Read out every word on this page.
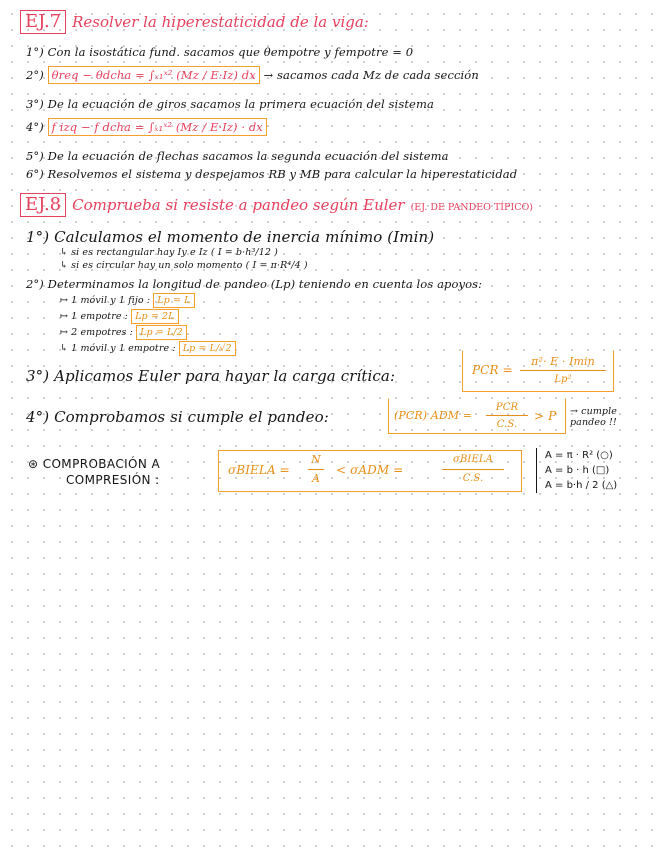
EJ.7 Resolver la hiperestaticidad de la viga:
1°) Con la isostática fund. sacamos que θempotre y fempotre = 0
2°) θreq − θdcha = ∫ₓ₁ˣ² (Mz / E·Iz) dx → sacamos cada Mz de cada sección
3°) De la ecuación de giros sacamos la primera ecuación del sistema
4°) f izq − f dcha = ∫ₓ₁ˣ² (Mz / E·Iz) · dx
5°) De la ecuación de flechas sacamos la segunda ecuación del sistema
6°) Resolvemos el sistema y despejamos RB y MB para calcular la hiperestaticidad
EJ.8 Comprueba si resiste a pandeo según Euler (EJ. DE PANDEO TÍPICO)
1°) Calculamos el momento de inercia mínimo (Imin)
↳ si es rectangular hay Iy e Iz ( I = b·h³/12 )
↳ si es circular hay un solo momento ( I = π·R⁴/4 )
2°) Determinamos la longitud de pandeo (Lp) teniendo en cuenta los apoyos:
↦ 1 móvil y 1 fijo : Lp = L
↦ 1 empotre : Lp = 2L
↦ 2 empotres : Lp = L/2
↳ 1 móvil y 1 empotre : Lp = L/√2
3°) Aplicamos Euler para hayar la carga crítica:	PCR =
π²· E · Imin
Lp²
4°) Comprobamos si cumple el pandeo:	(PCR) ADM =
PCR
C.S.
> P → cumple pandeo !!
⊛ COMPROBACIÓN A
COMPRESIÓN :
σBIELA =
N
A
< σADM =
σBIELA
C.S.
A = π · R² (○)
A = b · h (□)
A = b·h / 2 (△)
